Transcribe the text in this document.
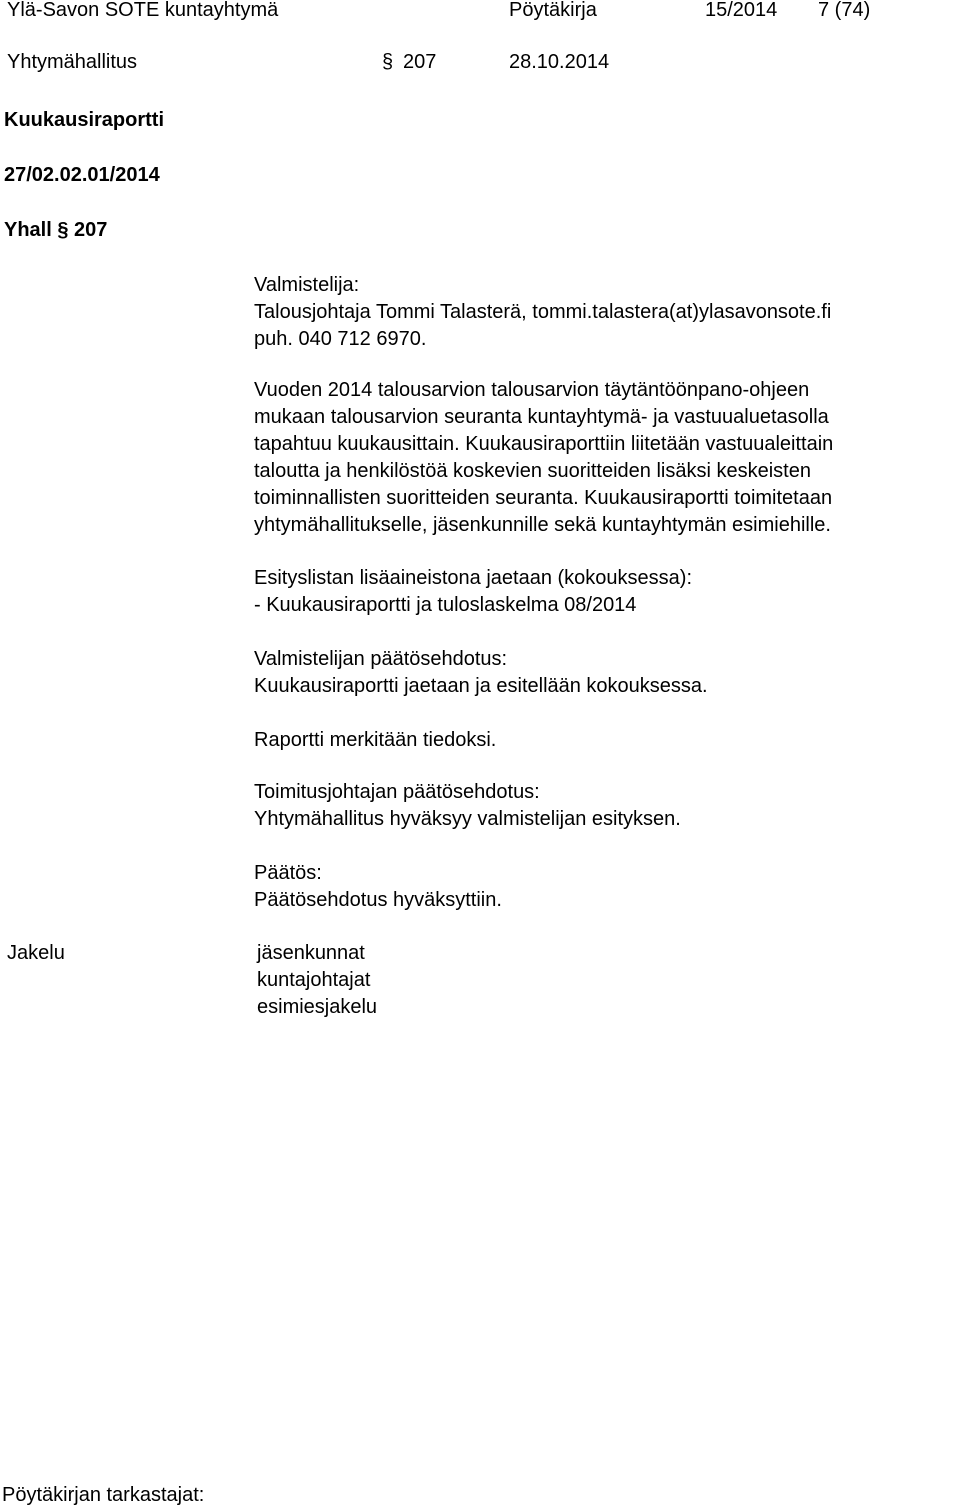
Ylä-Savon SOTE kuntayhtymä	Pöytäkirja	15/2014 7 (74)
Yhtymähallitus	§ 207	28.10.2014
Kuukausiraportti
27/02.02.01/2014
Yhall § 207
Valmistelija:
Talousjohtaja Tommi Talasterä, tommi.talastera(at)ylasavonsote.fi
puh. 040 712 6970.
Vuoden 2014 talousarvion talousarvion täytäntöönpano-ohjeen
mukaan talousarvion seuranta kuntayhtymä- ja vastuualuetasolla
tapahtuu kuukausittain. Kuukausiraporttiin liitetään vastuualeittain
taloutta ja henkilöstöä koskevien suoritteiden lisäksi keskeisten
toiminnallisten suoritteiden seuranta. Kuukausiraportti toimitetaan
yhtymähallitukselle, jäsenkunnille sekä kuntayhtymän esimiehille.
Esityslistan lisäaineistona jaetaan (kokouksessa):
- Kuukausiraportti ja tuloslaskelma 08/2014
Valmistelijan päätösehdotus:
Kuukausiraportti jaetaan ja esitellään kokouksessa.
Raportti merkitään tiedoksi.
Toimitusjohtajan päätösehdotus:
Yhtymähallitus hyväksyy valmistelijan esityksen.
Päätös:
Päätösehdotus hyväksyttiin.
Jakelu	jäsenkunnat
kuntajohtajat
esimiesjakelu
Pöytäkirjan tarkastajat:
